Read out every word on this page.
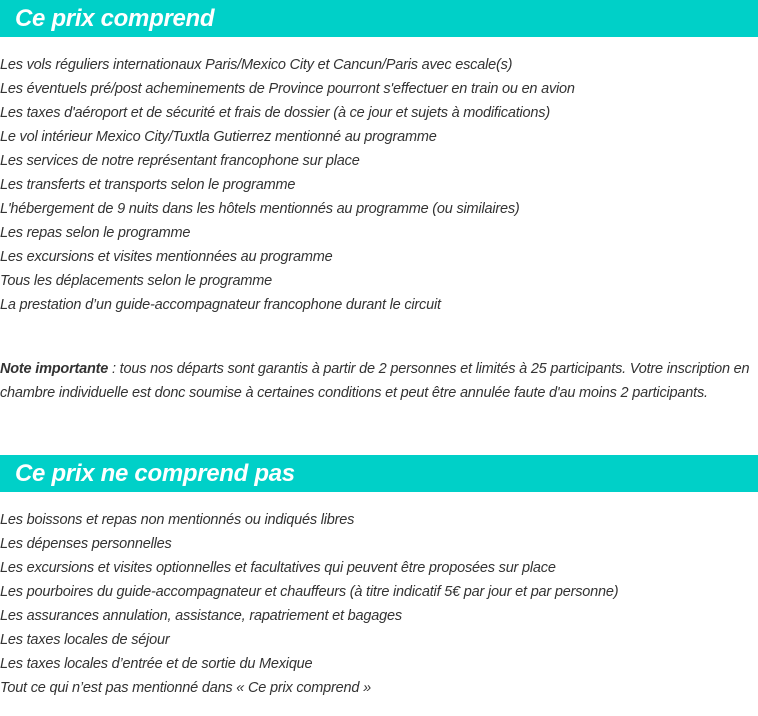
Ce prix comprend
Les vols réguliers internationaux Paris/Mexico City et Cancun/Paris avec escale(s)
Les éventuels pré/post acheminements de Province pourront s'effectuer en train ou en avion
Les taxes d'aéroport et de sécurité et frais de dossier (à ce jour et sujets à modifications)
Le vol intérieur Mexico City/Tuxtla Gutierrez mentionné au programme
Les services de notre représentant francophone sur place
Les transferts et transports selon le programme
L'hébergement de 9 nuits dans les hôtels mentionnés au programme (ou similaires)
Les repas selon le programme
Les excursions et visites mentionnées au programme
Tous les déplacements selon le programme
La prestation d’un guide-accompagnateur francophone durant le circuit

Note importante : tous nos départs sont garantis à partir de 2 personnes et limités à 25 participants. Votre inscription en chambre individuelle est donc soumise à certaines conditions et peut être annulée faute d'au moins 2 participants.

Ce prix ne comprend pas
Les boissons et repas non mentionnés ou indiqués libres
Les dépenses personnelles
Les excursions et visites optionnelles et facultatives qui peuvent être proposées sur place
Les pourboires du guide-accompagnateur et chauffeurs (à titre indicatif 5€ par jour et par personne)
Les assurances annulation, assistance, rapatriement et bagages
Les taxes locales de séjour
Les taxes locales d’entrée et de sortie du Mexique
Tout ce qui n’est pas mentionné dans « Ce prix comprend »
